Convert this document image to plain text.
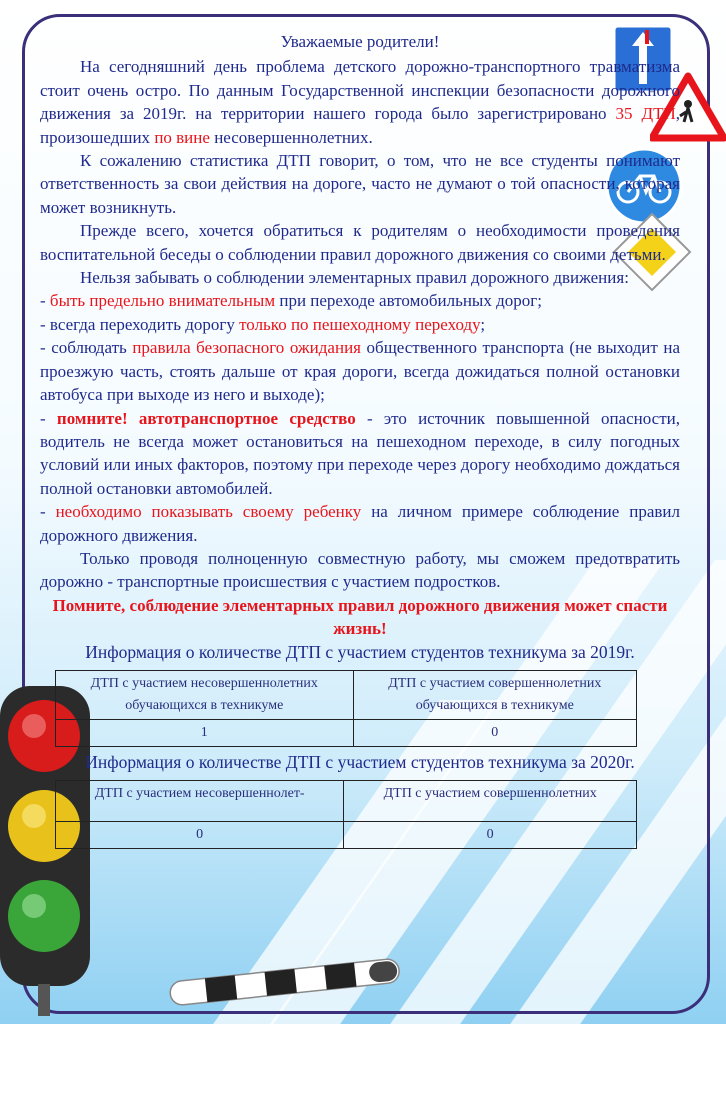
Уважаемые родители!

На сегодняшний день проблема детского дорожно-транспортного травматизма стоит очень остро. По данным Государственной инспекции безопасности дорожного движения за 2019г. на территории нашего города было зарегистрировано 35 ДТП, произошедших по вине несовершеннолетних.

К сожалению статистика ДТП говорит, о том, что не все студенты понимают ответственность за свои действия на дороге, часто не думают о той опасности, которая может возникнуть.

Прежде всего, хочется обратиться к родителям о необходимости проведения воспитательной беседы о соблюдении правил дорожного движения со своими детьми.

Нельзя забывать о соблюдении элементарных правил дорожного движения:

- быть предельно внимательным при переходе автомобильных дорог;

- всегда переходить дорогу только по пешеходному переходу;

- соблюдать правила безопасного ожидания общественного транспорта (не выходит на проезжую часть, стоять дальше от края дороги, всегда дожидаться полной остановки автобуса при выходе из него и выходе);

- помните! автотранспортное средство - это источник повышенной опасности, водитель не всегда может остановиться на пешеходном переходе, в силу погодных условий или иных факторов, поэтому при переходе через дорогу необходимо дождаться полной остановки автомобилей.

- необходимо показывать своему ребенку на личном примере соблюдение правил дорожного движения.

Только проводя полноценную совместную работу, мы сможем предотвратить дорожно - транспортные происшествия с участием подростков.

Помните, соблюдение элементарных правил дорожного движения может спасти жизнь!

Информация о количестве ДТП с участием студентов техникума за 2019г.

ДТП с участием несовершеннолетних обучающихся в техникуме	ДТП с участием совершеннолетних обучающихся в техникуме
1	0

Информация о количестве ДТП с участием студентов техникума за 2020г.

ДТП с участием несовершеннолет-	ДТП с участием совершеннолетних
0	0
